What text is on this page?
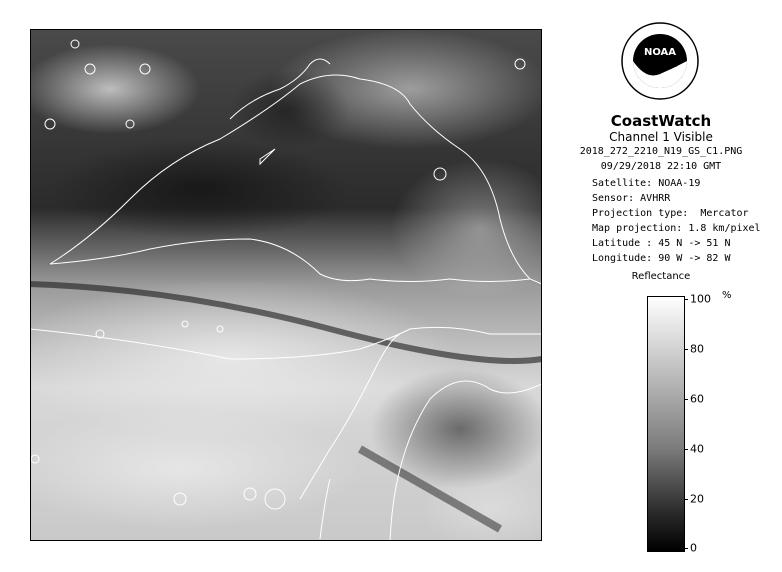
NOAA
CoastWatch
Channel 1 Visible
2018_272_2210_N19_GS_C1.PNG
09/29/2018 22:10 GMT
Satellite: NOAA-19
Sensor: AVHRR
Projection type:  Mercator
Map projection: 1.8 km/pixel
Latitude : 45 N -> 51 N
Longitude: 90 W -> 82 W
Reflectance
%
100
80
60
40
20
0
